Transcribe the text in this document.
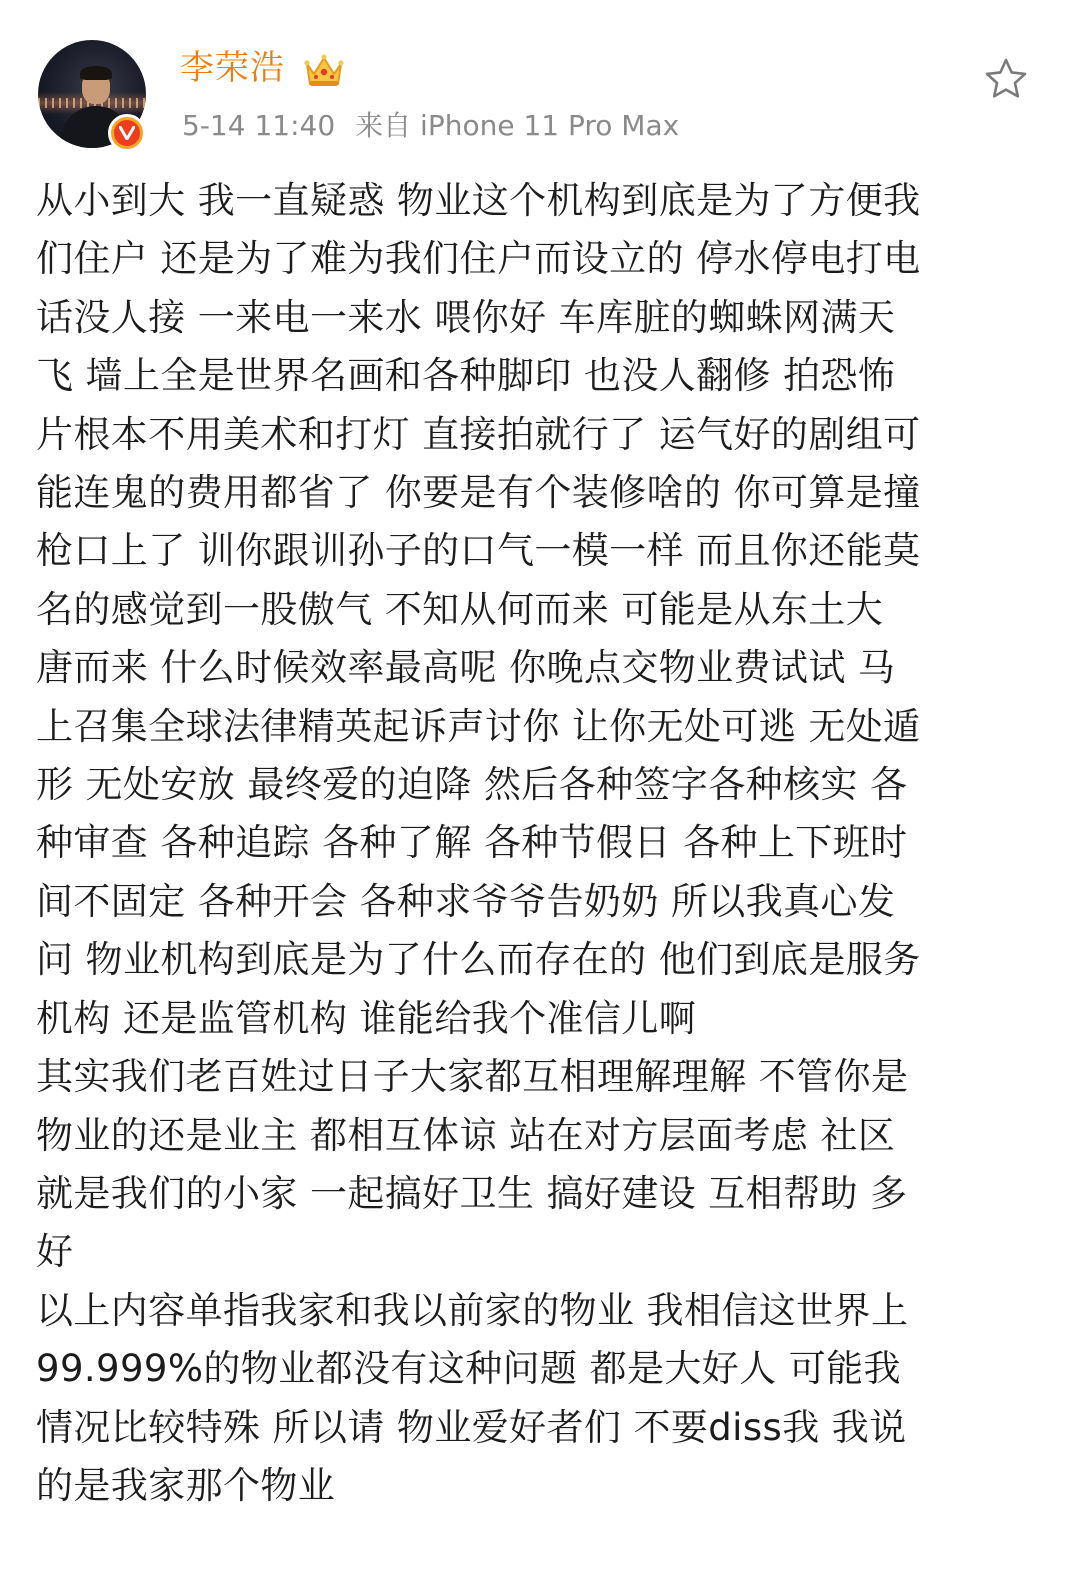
李荣浩
5-14 11:40 来自 iPhone 11 Pro Max

从小到大 我一直疑惑 物业这个机构到底是为了方便我
们住户 还是为了难为我们住户而设立的 停水停电打电
话没人接 一来电一来水 喂你好 车库脏的蜘蛛网满天
飞 墙上全是世界名画和各种脚印 也没人翻修 拍恐怖
片根本不用美术和打灯 直接拍就行了 运气好的剧组可
能连鬼的费用都省了 你要是有个装修啥的 你可算是撞
枪口上了 训你跟训孙子的口气一模一样 而且你还能莫
名的感觉到一股傲气 不知从何而来 可能是从东土大
唐而来 什么时候效率最高呢 你晚点交物业费试试 马
上召集全球法律精英起诉声讨你 让你无处可逃 无处遁
形 无处安放 最终爱的迫降 然后各种签字各种核实 各
种审查 各种追踪 各种了解 各种节假日 各种上下班时
间不固定 各种开会 各种求爷爷告奶奶 所以我真心发
问 物业机构到底是为了什么而存在的 他们到底是服务
机构 还是监管机构 谁能给我个准信儿啊

其实我们老百姓过日子大家都互相理解理解 不管你是
物业的还是业主 都相互体谅 站在对方层面考虑 社区
就是我们的小家 一起搞好卫生 搞好建设 互相帮助 多
好

以上内容单指我家和我以前家的物业 我相信这世界上
99.999%的物业都没有这种问题 都是大好人 可能我
情况比较特殊 所以请 物业爱好者们 不要diss我 我说
的是我家那个物业
